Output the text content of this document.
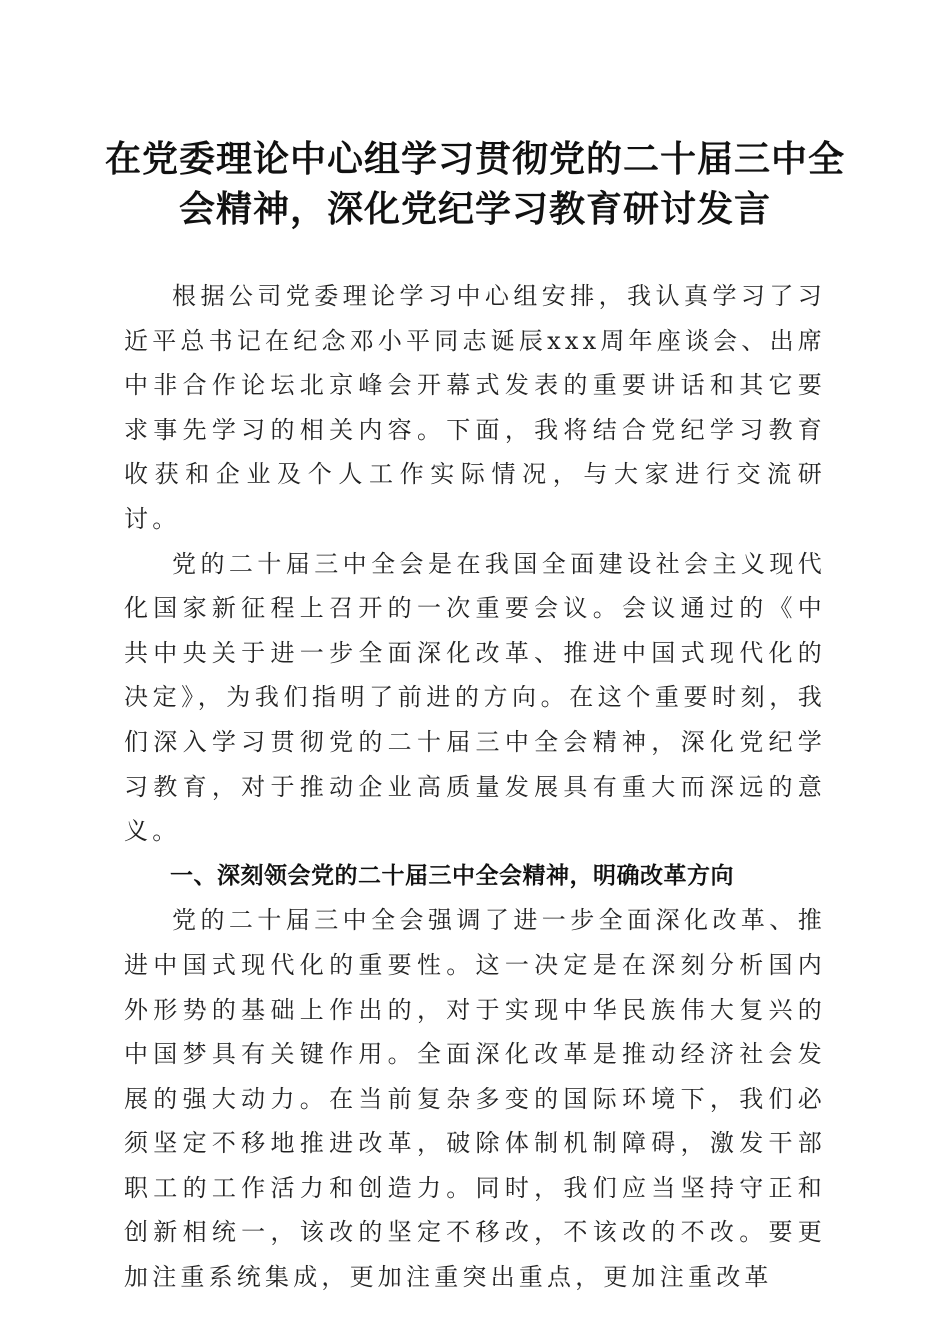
在党委理论中心组学习贯彻党的二十届三中全
会精神，深化党纪学习教育研讨发言

根据公司党委理论学习中心组安排，我认真学习了习近平总书记在纪念邓小平同志诞辰xxx周年座谈会、出席中非合作论坛北京峰会开幕式发表的重要讲话和其它要求事先学习的相关内容。下面，我将结合党纪学习教育收获和企业及个人工作实际情况，与大家进行交流研讨。

党的二十届三中全会是在我国全面建设社会主义现代化国家新征程上召开的一次重要会议。会议通过的《中共中央关于进一步全面深化改革、推进中国式现代化的决定》，为我们指明了前进的方向。在这个重要时刻，我们深入学习贯彻党的二十届三中全会精神，深化党纪学习教育，对于推动企业高质量发展具有重大而深远的意义。

一、深刻领会党的二十届三中全会精神，明确改革方向

党的二十届三中全会强调了进一步全面深化改革、推进中国式现代化的重要性。这一决定是在深刻分析国内外形势的基础上作出的，对于实现中华民族伟大复兴的中国梦具有关键作用。全面深化改革是推动经济社会发展的强大动力。在当前复杂多变的国际环境下，我们必须坚定不移地推进改革，破除体制机制障碍，激发干部职工的工作活力和创造力。同时，我们应当坚持守正和创新相统一，该改的坚定不移改，不该改的不改。要更加注重系统集成，更加注重突出重点，更加注重改革
